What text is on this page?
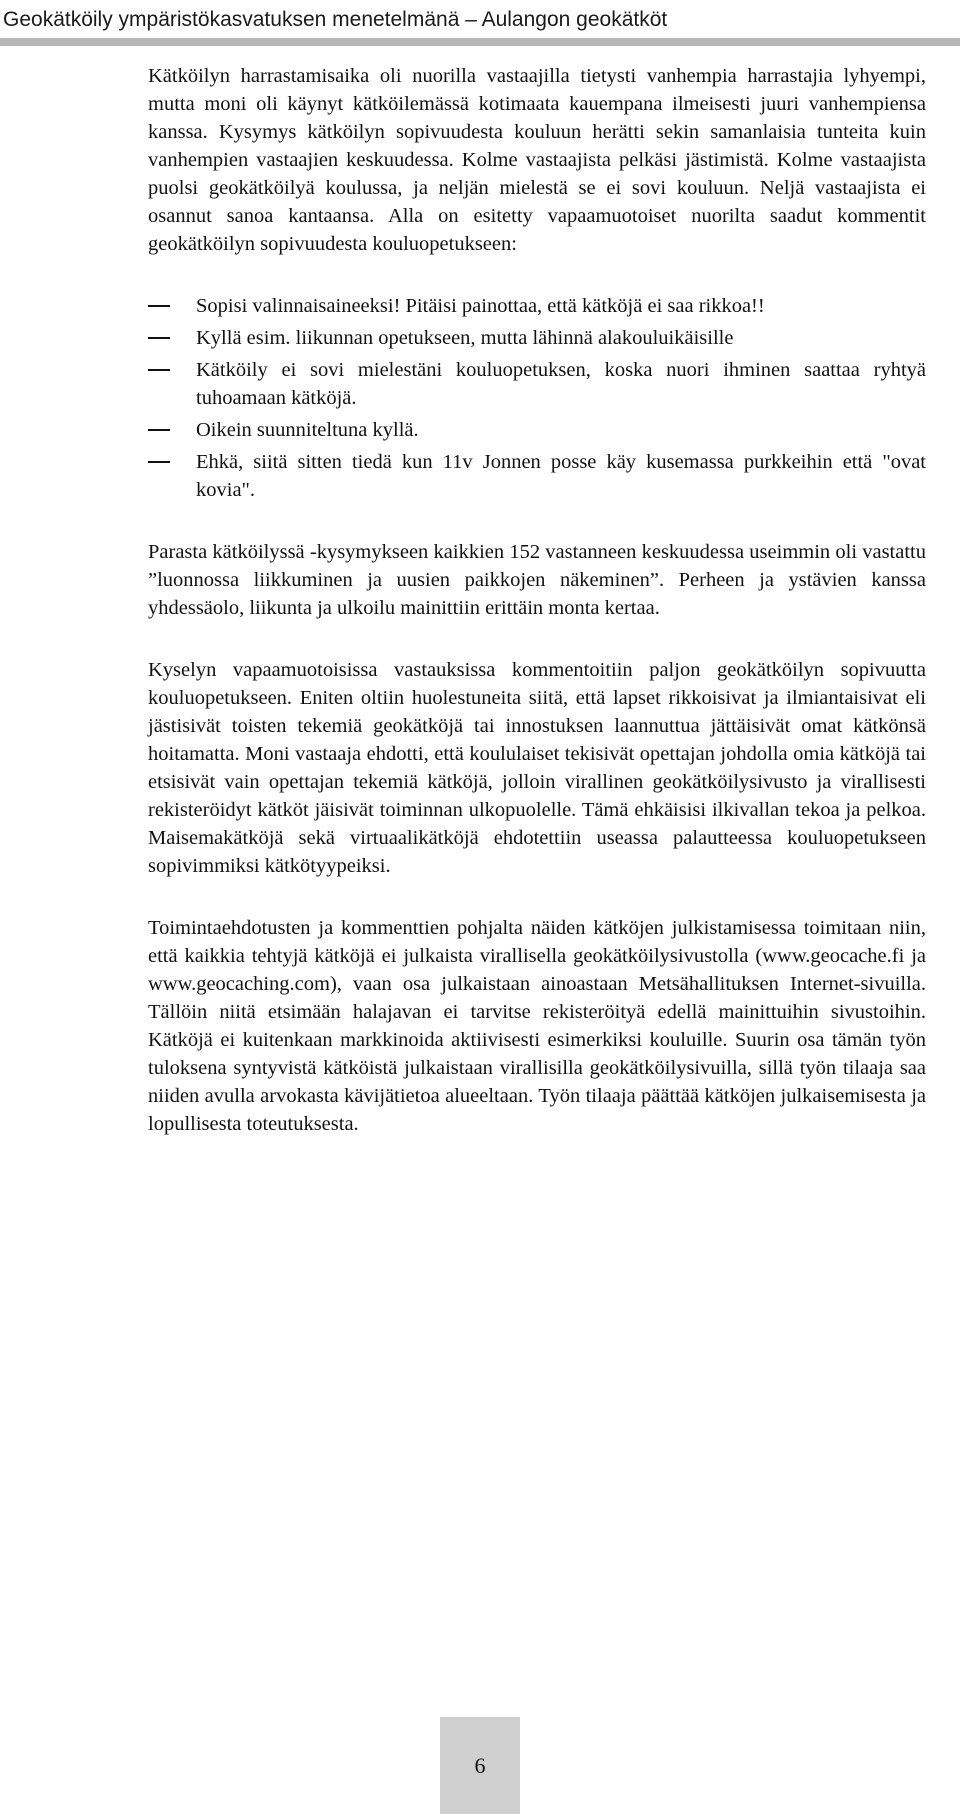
Geokätköily ympäristökasvatuksen menetelmänä – Aulangon geokätköt

Kätköilyn harrastamisaika oli nuorilla vastaajilla tietysti vanhempia harrastajia lyhyempi, mutta moni oli käynyt kätköilemässä kotimaata kauempana ilmeisesti juuri vanhempiensa kanssa. Kysymys kätköilyn sopivuudesta kouluun herätti sekin samanlaisia tunteita kuin vanhempien vastaajien keskuudessa. Kolme vastaajista pelkäsi jästimistä. Kolme vastaajista puolsi geokätköilyä koulussa, ja neljän mielestä se ei sovi kouluun. Neljä vastaajista ei osannut sanoa kantaansa. Alla on esitetty vapaamuotoiset nuorilta saadut kommentit geokätköilyn sopivuudesta kouluopetukseen:

Sopisi valinnaisaineeksi! Pitäisi painottaa, että kätköjä ei saa rikkoa!!
Kyllä esim. liikunnan opetukseen, mutta lähinnä alakouluikäisille
Kätköily ei sovi mielestäni kouluopetuksen, koska nuori ihminen saattaa ryhtyä tuhoamaan kätköjä.
Oikein suunniteltuna kyllä.
Ehkä, siitä sitten tiedä kun 11v Jonnen posse käy kusemassa purkkeihin että "ovat kovia".

Parasta kätköilyssä -kysymykseen kaikkien 152 vastanneen keskuudessa useimmin oli vastattu ”luonnossa liikkuminen ja uusien paikkojen näkeminen”. Perheen ja ystävien kanssa yhdessäolo, liikunta ja ulkoilu mainittiin erittäin monta kertaa.

Kyselyn vapaamuotoisissa vastauksissa kommentoitiin paljon geokätköilyn sopivuutta kouluopetukseen. Eniten oltiin huolestuneita siitä, että lapset rikkoisivat ja ilmiantaisivat eli jästisivät toisten tekemiä geokätköjä tai innostuksen laannuttua jättäisivät omat kätkönsä hoitamatta. Moni vastaaja ehdotti, että koululaiset tekisivät opettajan johdolla omia kätköjä tai etsisivät vain opettajan tekemiä kätköjä, jolloin virallinen geokätköilysivusto ja virallisesti rekisteröidyt kätköt jäisivät toiminnan ulkopuolelle. Tämä ehkäisisi ilkivallan tekoa ja pelkoa. Maisemakätköjä sekä virtuaalikätköjä ehdotettiin useassa palautteessa kouluopetukseen sopivimmiksi kätkötyypeiksi.

Toimintaehdotusten ja kommenttien pohjalta näiden kätköjen julkistamisessa toimitaan niin, että kaikkia tehtyjä kätköjä ei julkaista virallisella geokätköilysivustolla (www.geocache.fi ja www.geocaching.com), vaan osa julkaistaan ainoastaan Metsähallituksen Internet-sivuilla. Tällöin niitä etsimään halajavan ei tarvitse rekisteröityä edellä mainittuihin sivustoihin. Kätköjä ei kuitenkaan markkinoida aktiivisesti esimerkiksi kouluille. Suurin osa tämän työn tuloksena syntyvistä kätköistä julkaistaan virallisilla geokätköilysivuilla, sillä työn tilaaja saa niiden avulla arvokasta kävijätietoa alueeltaan. Työn tilaaja päättää kätköjen julkaisemisesta ja lopullisesta toteutuksesta.

6
